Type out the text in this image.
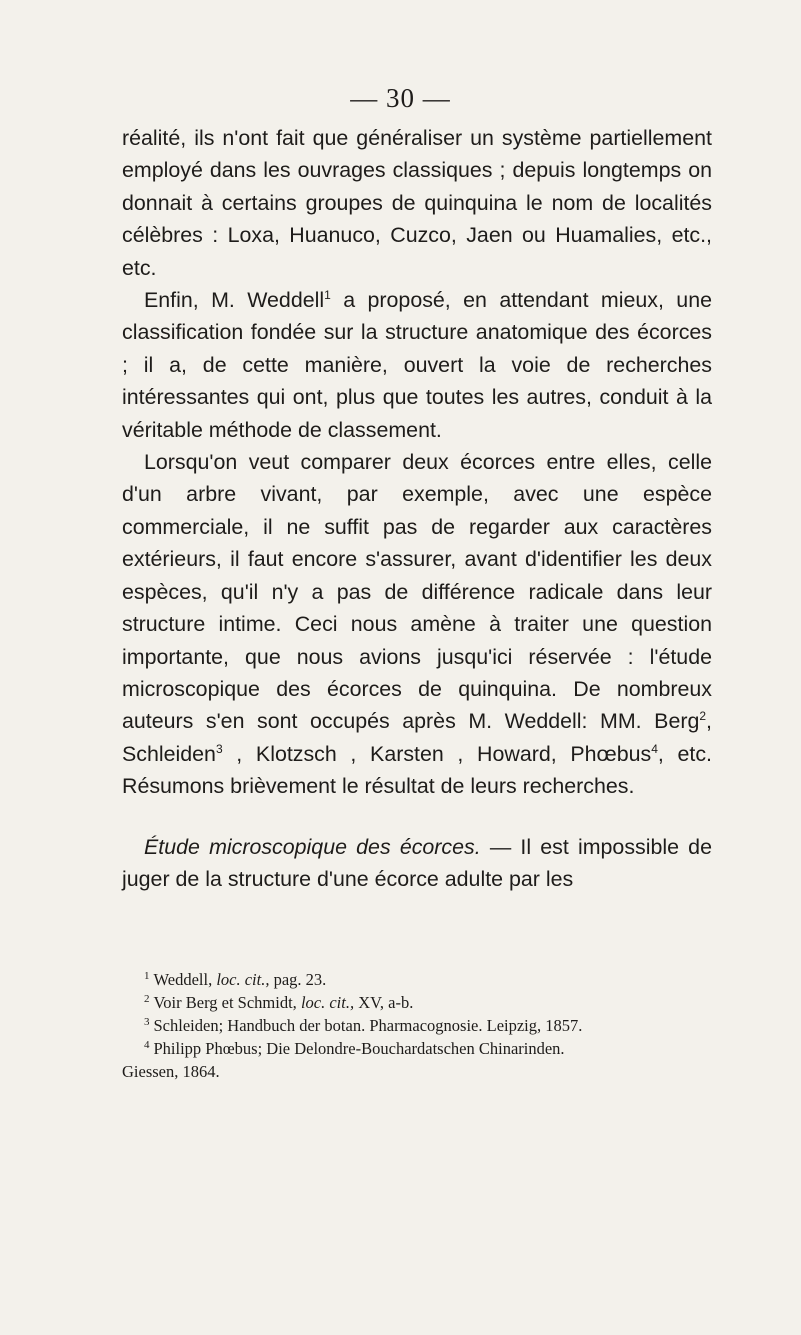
— 30 —

réalité, ils n'ont fait que généraliser un système partiellement employé dans les ouvrages classiques ; depuis longtemps on donnait à certains groupes de quinquina le nom de localités célèbres : Loxa, Huanuco, Cuzco, Jaen ou Huamalies, etc., etc.

Enfin, M. Weddell$^1$ a proposé, en attendant mieux, une classification fondée sur la structure anatomique des écorces ; il a, de cette manière, ouvert la voie de recherches intéressantes qui ont, plus que toutes les autres, conduit à la véritable méthode de classement.

Lorsqu'on veut comparer deux écorces entre elles, celle d'un arbre vivant, par exemple, avec une espèce commerciale, il ne suffit pas de regarder aux caractères extérieurs, il faut encore s'assurer, avant d'identifier les deux espèces, qu'il n'y a pas de différence radicale dans leur structure intime. Ceci nous amène à traiter une question importante, que nous avions jusqu'ici réservée : l'étude microscopique des écorces de quinquina. De nombreux auteurs s'en sont occupés après M. Weddell: MM. Berg$^2$, Schleiden$^3$ , Klotzsch , Karsten , Howard, Phœbus$^4$, etc. Résumons brièvement le résultat de leurs recherches.

Étude microscopique des écorces. — Il est impossible de juger de la structure d'une écorce adulte par les

$^1$ Weddell, loc. cit., pag. 23.

$^2$ Voir Berg et Schmidt, loc. cit., XV, a-b.

$^3$ Schleiden; Handbuch der botan. Pharmacognosie. Leipzig, 1857.

$^4$ Philipp Phœbus; Die Delondre-Bouchardatschen Chinarinden.

Giessen, 1864.
